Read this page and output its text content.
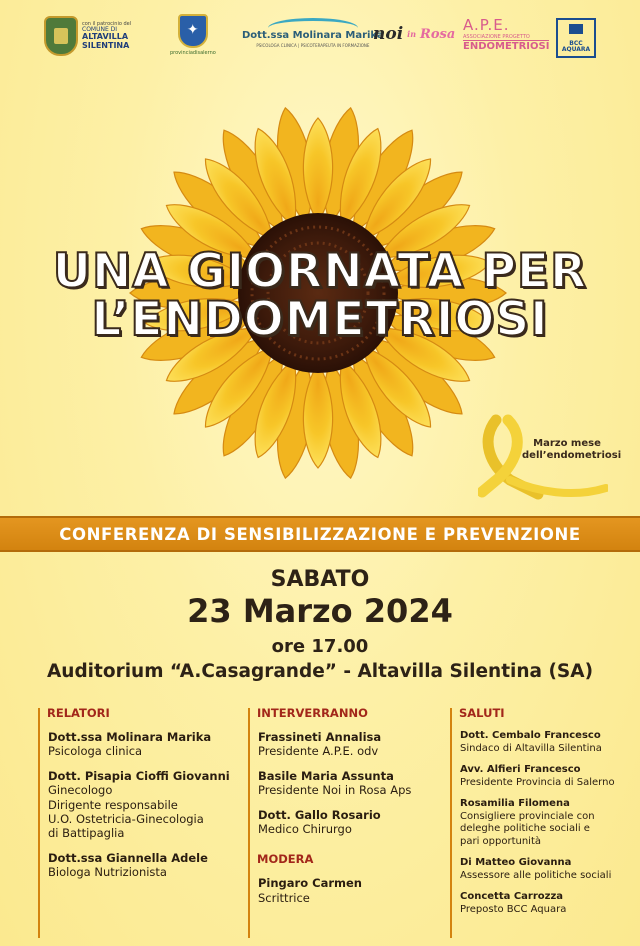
con il patrocinio del
COMUNE DI
ALTAVILLA SILENTINA
✦
provinciadisalerno
Dott.ssa Molinara Marika
PSICOLOGA CLINICA | PSICOTERAPEUTA IN FORMAZIONE
noi in Rosa A.P.E.
ASSOCIAZIONE PROGETTO
ENDOMETRIOSI	BCC AQUARA
UNA GIORNATA PER
L’ENDOMETRIOSI
Marzo mese
dell’endometriosi
CONFERENZA DI SENSIBILIZZAZIONE E PREVENZIONE
SABATO
23 Marzo 2024
ore 17.00
Auditorium “A.Casagrande” - Altavilla Silentina (SA)
RELATORI
Dott.ssa Molinara Marika
Psicologa clinica
Dott. Pisapia Cioffi Giovanni
Ginecologo
Dirigente responsabile
U.O. Ostetricia-Ginecologia
di Battipaglia
Dott.ssa Giannella Adele
Biologa Nutrizionista
INTERVERRANNO
Frassineti Annalisa
Presidente A.P.E. odv
Basile Maria Assunta
Presidente Noi in Rosa Aps
Dott. Gallo Rosario
Medico Chirurgo
MODERA
Pingaro Carmen
Scrittrice
SALUTI
Dott. Cembalo Francesco
Sindaco di Altavilla Silentina
Avv. Alfieri Francesco
Presidente Provincia di Salerno
Rosamilia Filomena
Consigliere provinciale con
deleghe politiche sociali e
pari opportunità
Di Matteo Giovanna
Assessore alle politiche sociali
Concetta Carrozza
Preposto BCC Aquara
